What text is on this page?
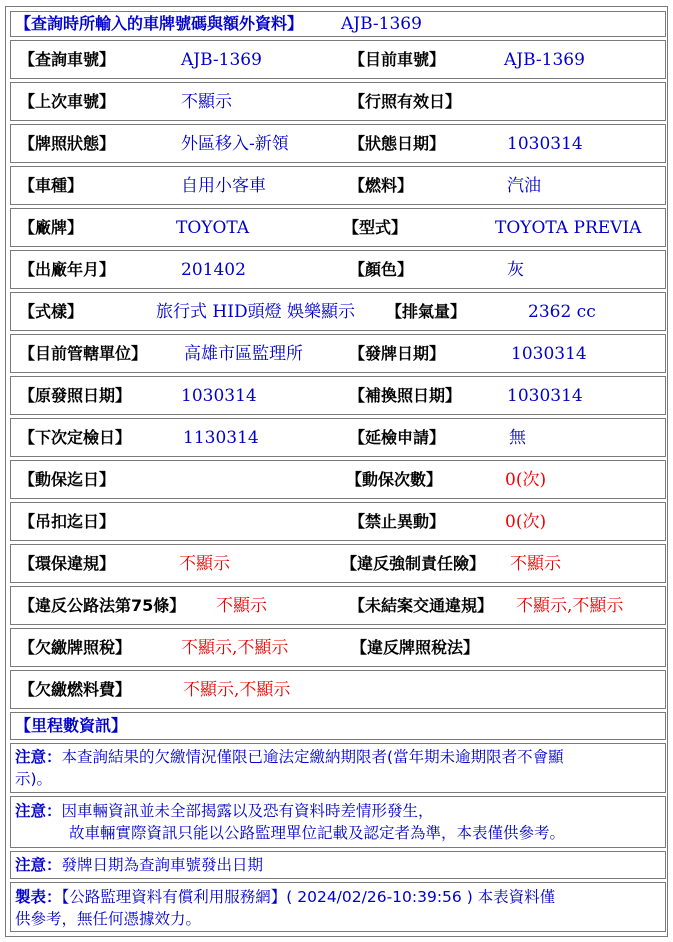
【查詢時所輸入的車牌號碼與額外資料】 AJB-1369
【查詢車號】	AJB-1369	【目前車號】	AJB-1369
【上次車號】	不顯示	【行照有效日】
【牌照狀態】	外區移入-新領	【狀態日期】	1030314
【車種】	自用小客車	【燃料】	汽油
【廠牌】	TOYOTA	【型式】	TOYOTA PREVIA
【出廠年月】	201402	【顏色】	灰
【式樣】	旅行式 HID頭燈 娛樂顯示 【排氣量】	2362 cc
【目前管轄單位】 高雄市區監理所	【發牌日期】	1030314
【原發照日期】	1030314	【補換照日期】	1030314
【下次定檢日】	1130314	【延檢申請】	無
【動保迄日】	【動保次數】	0(次)
【吊扣迄日】	【禁止異動】	0(次)
【環保違規】	不顯示	【違反強制責任險】 不顯示
【違反公路法第75條】 不顯示	【未結案交通違規】 不顯示,不顯示
【欠繳牌照稅】	不顯示,不顯示	【違反牌照稅法】
【欠繳燃料費】	不顯示,不顯示
【里程數資訊】
注意：本查詢結果的欠繳情況僅限已逾法定繳納期限者(當年期未逾期限者不會顯
示)。
注意：因車輛資訊並未全部揭露以及恐有資料時差情形發生，
故車輛實際資訊只能以公路監理單位記載及認定者為準，本表僅供參考。
注意：發牌日期為查詢車號發出日期
製表：【公路監理資料有償利用服務網】( 2024/02/26-10:39:56 ) 本表資料僅
供參考，無任何憑據效力。
